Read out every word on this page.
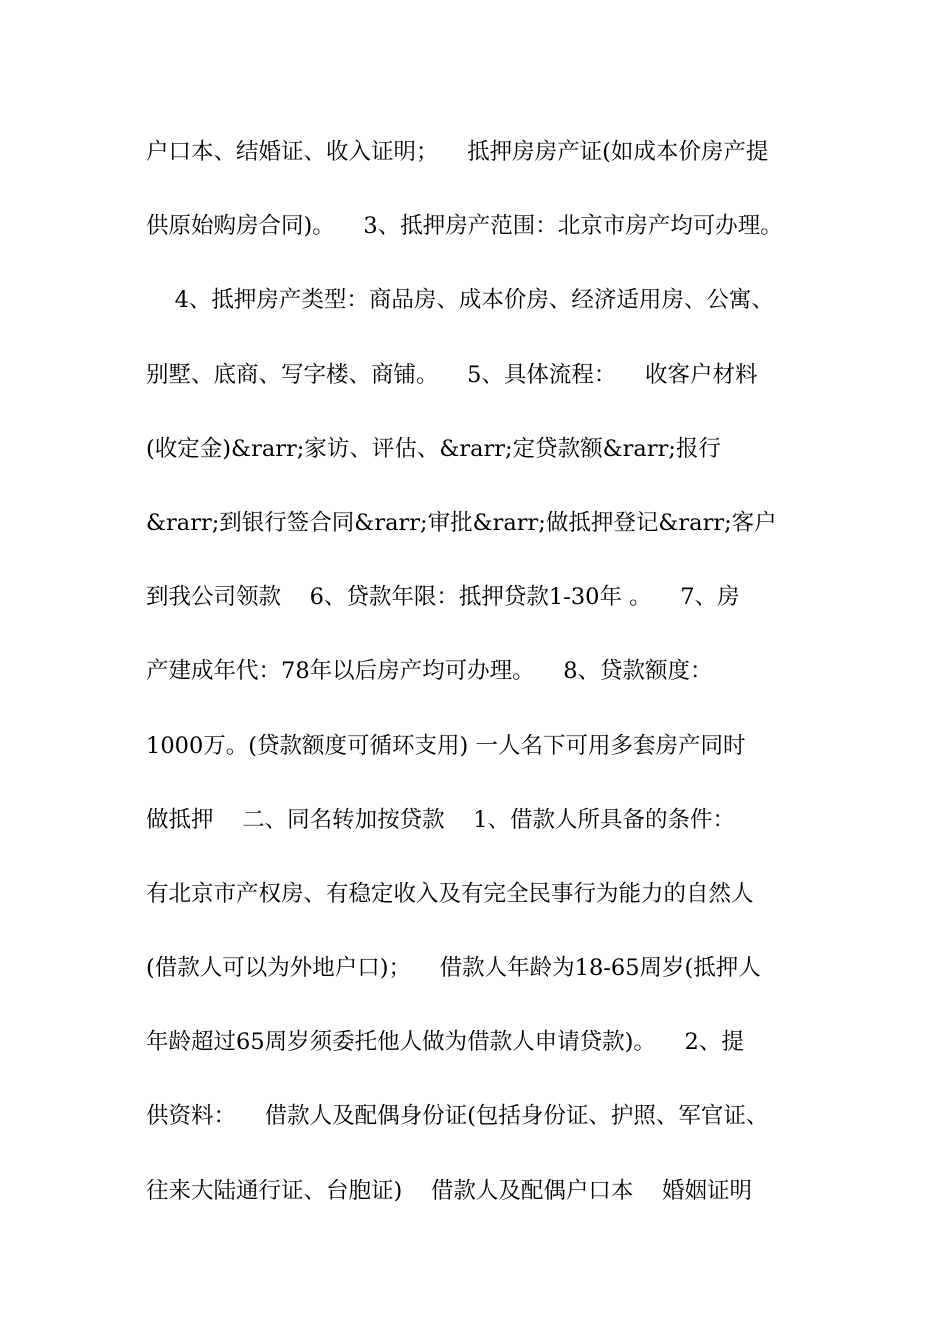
户口本、结婚证、收入证明；    抵押房房产证(如成本价房产提
供原始购房合同)。    3、抵押房产范围：北京市房产均可办理。
4、抵押房产类型：商品房、成本价房、经济适用房、公寓、
别墅、底商、写字楼、商铺。    5、具体流程：    收客户材料
(收定金)&rarr;家访、评估、&rarr;定贷款额&rarr;报行
&rarr;到银行签合同&rarr;审批&rarr;做抵押登记&rarr;客户
到我公司领款    6、贷款年限：抵押贷款1-30年 。    7、房
产建成年代：78年以后房产均可办理。    8、贷款额度：
1000万。(贷款额度可循环支用) 一人名下可用多套房产同时
做抵押    二、同名转加按贷款    1、借款人所具备的条件：
有北京市产权房、有稳定收入及有完全民事行为能力的自然人
(借款人可以为外地户口)；    借款人年龄为18-65周岁(抵押人
年龄超过65周岁须委托他人做为借款人申请贷款)。    2、提
供资料：    借款人及配偶身份证(包括身份证、护照、军官证、
往来大陆通行证、台胞证)    借款人及配偶户口本    婚姻证明
